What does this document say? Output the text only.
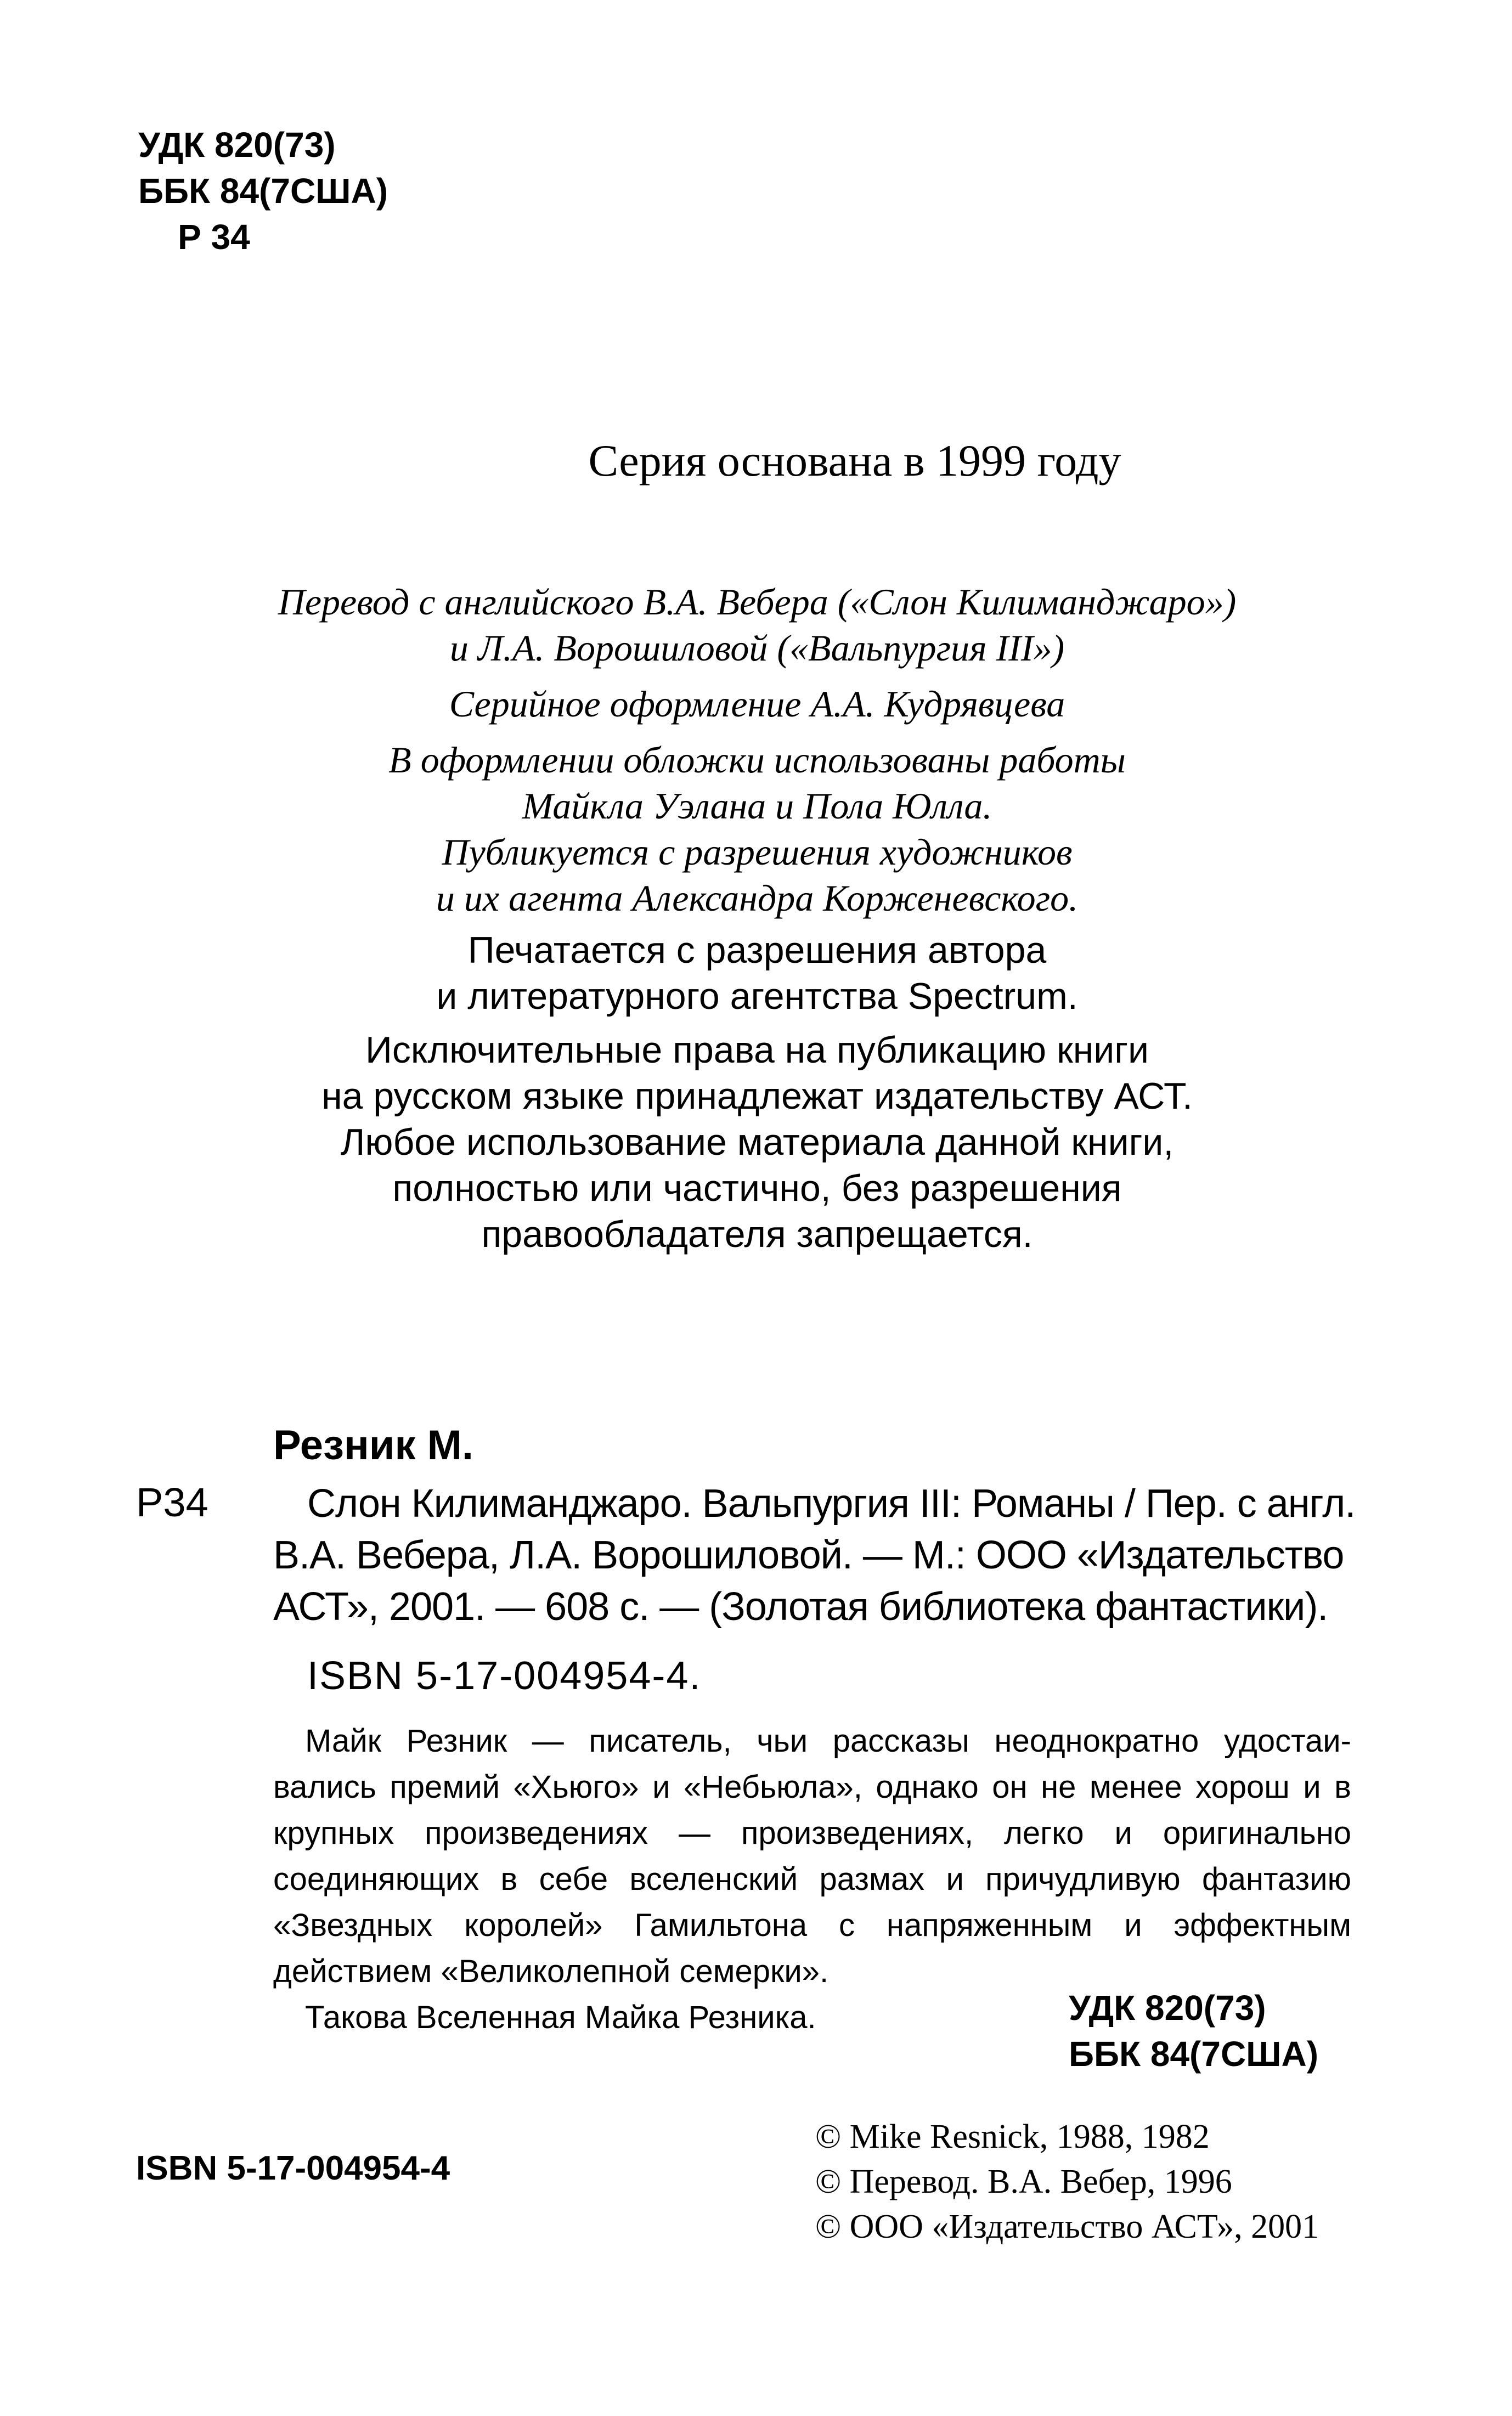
УДК 820(73)
ББК 84(7США)
Р 34
Серия основана в 1999 году
Перевод с английского В.А. Вебера («Слон Килиманджаро»)
и Л.А. Ворошиловой («Вальпургия III»)
Серийное оформление А.А. Кудрявцева
В оформлении обложки использованы работы
Майкла Уэлана и Пола Юлла.
Публикуется с разрешения художников
и их агента Александра Корженевского.
Печатается с разрешения автора
и литературного агентства Spectrum.
Исключительные права на публикацию книги
на русском языке принадлежат издательству АСТ.
Любое использование материала данной книги,
полностью или частично, без разрешения
правообладателя запрещается.
Резник М.
Р34	Слон Килиманджаро. Вальпургия III: Романы / Пер. с англ.
В.А. Вебера, Л.А. Ворошиловой. — М.: ООО «Издательство
АСТ», 2001. — 608 с. — (Золотая библиотека фантастики).
ISBN 5-17-004954-4.
Майк Резник — писатель, чьи рассказы неоднократно удостаи-
вались премий «Хьюго» и «Небьюла», однако он не менее хорош и в
крупных произведениях — произведениях, легко и оригинально
соединяющих в себе вселенский размах и причудливую фантазию
«Звездных королей» Гамильтона с напряженным и эффектным
действием «Великолепной семерки».
Такова Вселенная Майка Резника.	УДК 820(73)
ББК 84(7США)
© Mike Resnick, 1988, 1982
© Перевод. В.А. Вебер, 1996
© ООО «Издательство АСТ», 2001
ISBN 5-17-004954-4
